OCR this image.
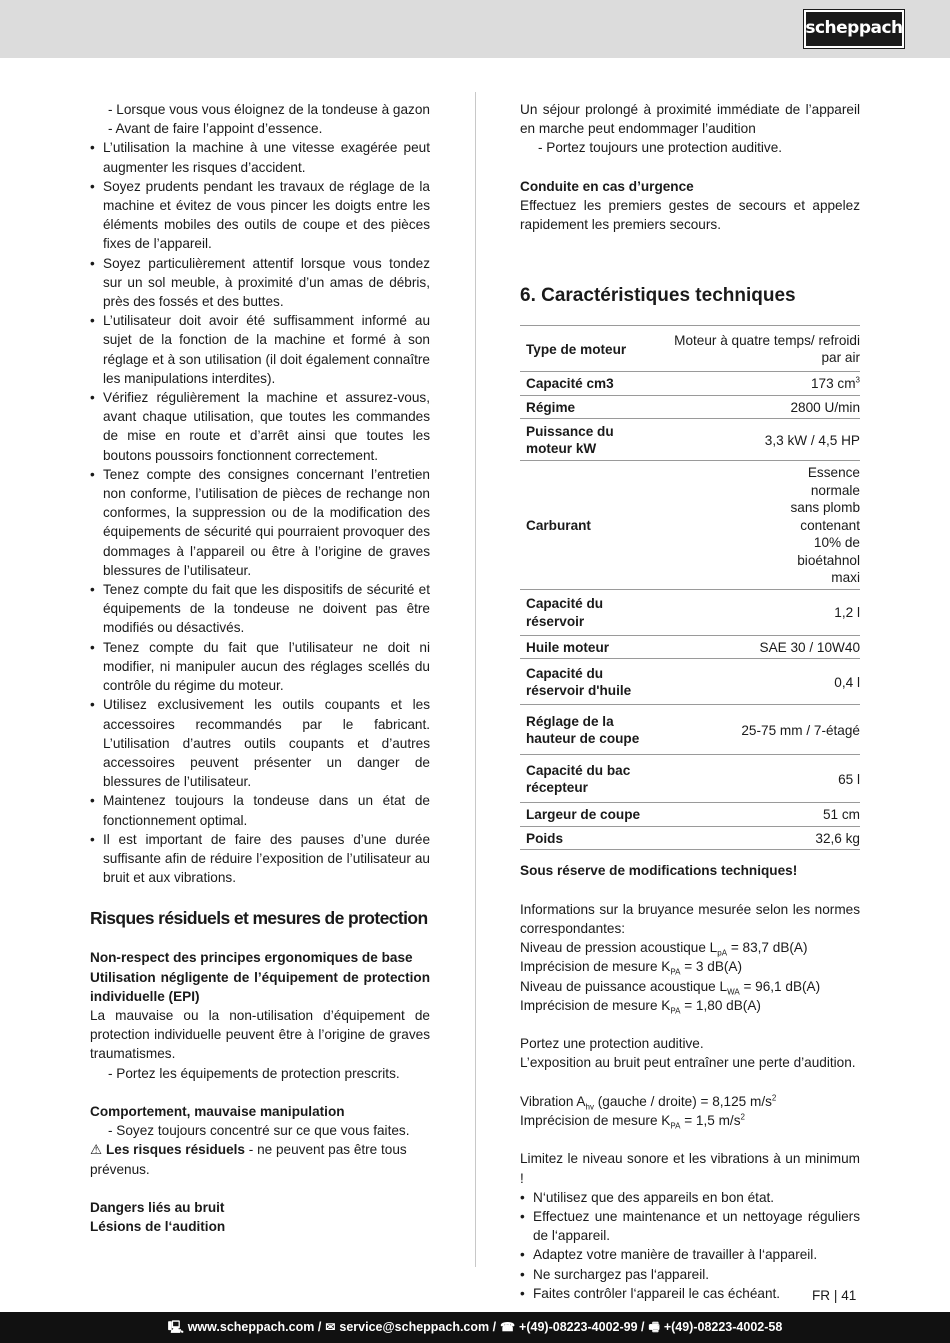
scheppach

- Lorsque vous vous éloignez de la tondeuse à gazon

- Avant de faire l’appoint d’essence.

• L’utilisation la machine à une vitesse exagérée peut augmenter les risques d’accident.
• Soyez prudents pendant les travaux de réglage de la machine et évitez de vous pincer les doigts entre les éléments mobiles des outils de coupe et des pièces fixes de l’appareil.
• Soyez particulièrement attentif lorsque vous tondez sur un sol meuble, à proximité d’un amas de débris, près des fossés et des buttes.
• L’utilisateur doit avoir été suffisamment informé au sujet de la fonction de la machine et formé à son réglage et à son utilisation (il doit également connaître les manipulations interdites).
• Vérifiez régulièrement la machine et assurez-vous, avant chaque utilisation, que toutes les commandes de mise en route et d’arrêt ainsi que toutes les boutons poussoirs fonctionnent correctement.
• Tenez compte des consignes concernant l’entretien non conforme, l’utilisation de pièces de rechange non conformes, la suppression ou de la modification des équipements de sécurité qui pourraient provoquer des dommages à l’appareil ou être à l’origine de graves blessures de l’utilisateur.
• Tenez compte du fait que les dispositifs de sécurité et équipements de la tondeuse ne doivent pas être modifiés ou désactivés.
• Tenez compte du fait que l’utilisateur ne doit ni modifier, ni manipuler aucun des réglages scellés du contrôle du régime du moteur.
• Utilisez exclusivement les outils coupants et les accessoires recommandés par le fabricant. L’utilisation d’autres outils coupants et d’autres accessoires peuvent présenter un danger de blessures de l’utilisateur.
• Maintenez toujours la tondeuse dans un état de fonctionnement optimal.
• Il est important de faire des pauses d’une durée suffisante afin de réduire l’exposition de l’utilisateur au bruit et aux vibrations.
Risques résiduels et mesures de protection

Non-respect des principes ergonomiques de base

Utilisation négligente de l’équipement de protection individuelle (EPI)

La mauvaise ou la non-utilisation d’équipement de protection individuelle peuvent être à l’origine de graves traumatismes.

- Portez les équipements de protection prescrits.

Comportement, mauvaise manipulation

- Soyez toujours concentré sur ce que vous faites.

⚠ Les risques résiduels - ne peuvent pas être tous prévenus.

Dangers liés au bruit

Lésions de l‘audition

Un séjour prolongé à proximité immédiate de l’appareil en marche peut endommager l’audition

- Portez toujours une protection auditive.

Conduite en cas d’urgence

Effectuez les premiers gestes de secours et appelez rapidement les premiers secours.

6. Caractéristiques techniques
Type de moteur	Moteur à quatre temps/ refroidi par air
Capacité cm3	173 $cm^3$
Régime	2800 U/min
Puissance du moteur kW	3,3 kW / 4,5 HP
Carburant	Essence normale sans plomb contenant 10% de bioétahnol maxi
Capacité du réservoir	1,2 l
Huile moteur	SAE 30 / 10W40
Capacité du réservoir d'huile	0,4 l
Réglage de la hauteur de coupe	25-75 mm / 7-étagé
Capacité du bac récepteur	65 l
Largeur de coupe	51 cm
Poids	32,6 kg

Sous réserve de modifications techniques!

Informations sur la bruyance mesurée selon les normes correspondantes:

Niveau de pression acoustique $L_{pA} = 83,7$ dB(A)

Imprécision de mesure $K_{PA} = 3$ dB(A)

Niveau de puissance acoustique $L_{WA} = 96,1$ dB(A)

Imprécision de mesure $K_{PA} = 1,80$ dB(A)

Portez une protection auditive.

L’exposition au bruit peut entraîner une perte d’audition.

Vibration $A_{hv}$ (gauche / droite) = 8,125 $m/s^2$

Imprécision de mesure $K_{PA} = 1,5$ $m/s^2$

Limitez le niveau sonore et les vibrations à un minimum !

• N‘utilisez que des appareils en bon état.
• Effectuez une maintenance et un nettoyage réguliers de l‘appareil.
• Adaptez votre manière de travailler à l‘appareil.
• Ne surchargez pas l‘appareil.
• Faites contrôler l‘appareil le cas échéant.	FR | 41
🖳 www.scheppach.com / ✉ service@scheppach.com / ☎ +(49)-08223-4002-99 / 🖷 +(49)-08223-4002-58
